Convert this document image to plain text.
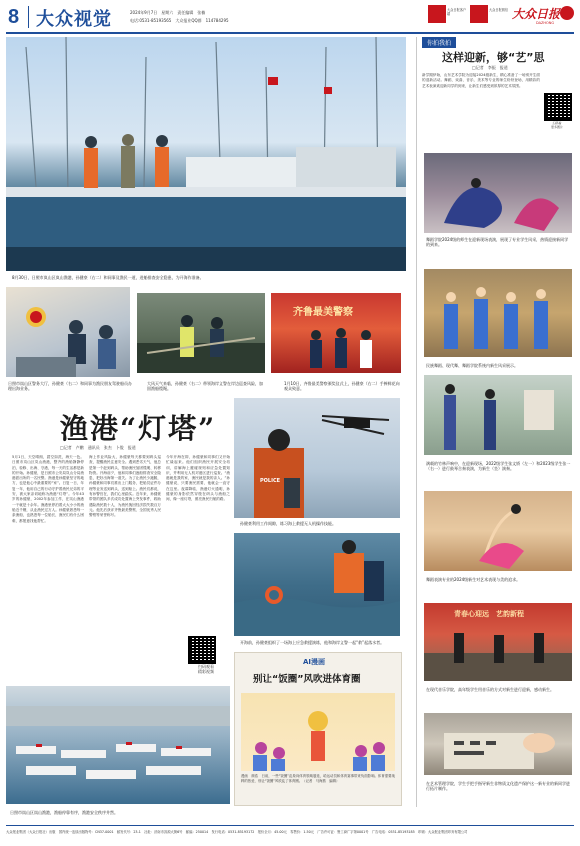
8 大众视觉	2024年9月7日　星期六　责任编辑　张楠
电话:0531-85193565　大众报业QQ群　114784295
大众日报客户端
大众日报微信 大众日报
DAZHONG
8月30日，日照市岚山区岚山渔港，孙健豪（右二）和同事及渔民一道，进船排查安全隐患，为开海作准备。
日照市岚山区警务大厅，孙健豪（右二）和同事为渔民朋友驾驶船员办理出海业务。
大风天气来临，孙健豪（右二）带领海岸义警在岸边巡查风险，加固渔船缆绳。
齐鲁最美警察
1月10日，齐鲁最美警察颁奖仪式上，孙健豪（右二）手捧鲜花向观众致意。
渔港“灯塔”
□记者　卢鹏　通讯员　张杰　卜俊　报道
5月1日，天空晴朗，碧空如洗，海天一色。日照市岚山区岚山渔港，整齐的渔船静静停泊，检修、出海、守港，每一天的生活都是新的开始。孙健豪，是日照市公安局岚山分局渔港派出所的一名民警。渔港是孙健豪坚守的地方，也是他心中最重要的“家”。日复一日，年复一年，他用自己的行动守护着渔民兄弟的平安，被大家亲切地称为渔港“灯塔”。今年43岁的孙健豪，2002年参加工作，在岚山渔港一干就是十余年。渔港里停泊着大大小小的渔船近千艘，从业渔民过万人。孙健豪熟悉每一条渔船，也熟悉每一位船长，渔民们有什么困难，都愿意找他帮忙。
海上作业风险大，孙健豪每天都要到码头巡查，提醒渔民注意安全。遇到恶劣天气，他总是第一个赶到码头，帮助渔民加固缆绳、转移物资。开海前夕，他和同事们逐船排查安全隐患，把好出海第一道关。为了让渔民少跑腿，孙健豪和同事们推出上门服务，把船员证件办理等业务送到码头，送到船上。渔民们都说，有孙警官在，我们心里踏实。近年来，孙健豪带领的团队多次成功处置海上突发事件，救助遇险渔民数十人，为渔民挽回经济损失数百万元。他先后获评齐鲁最美警察、全国优秀人民警察等荣誉称号。
今年开海在即，孙健豪和同事们又开始忙碌起来。他们组织渔民开展安全培训，讲解海上避碰规则和应急处置知识，并利用无人机对港区进行巡查。“渔港就是我的家，渔民就是我的亲人。”孙健豪说，只要渔民需要，他就会一直守在这里。夜幕降临，渔港灯火通明，孙健豪的身影依然穿梭在码头与渔船之间，像一座灯塔，照亮渔民归航的路。
扫码观看
精彩视频
日照市岚山区岚山渔港，渔船停靠有序，渔港安全秩序井然。
POLICE
孙健豪利用工作间隙，练习海上救援无人机操作技能。
开海前，孙健豪组织了一场海上应急救援演练，他和海岸义警一起“救”起落水者。
AI漫画
别让“饭圈”风吹进体育圈
漫画　颜浩　日前，一些“饭圈”乱象向体育领域蔓延，给运动员和体育赛事带来负面影响。体育需要纯粹的热爱，别让“饭圈”风吹乱了体育圈。（记者　马海燕　编辑）
你拍我拍
这样迎新，够“艺”思
□记者　李振　报道
新学期伊始，山东艺术学院为迎接2024级新生，精心准备了一场别开生面的迎新活动。舞蹈、戏曲、音乐、美术等专业的师生纷纷登场，用精彩的艺术表演欢迎新同学的到来，让新生们感受到浓厚的艺术氛围。
扫码看
更多图片
舞蹈学院2024级的师生在迎新现场表演，展现了专业学生风采，热情迎接新同学的到来。
民族舞蹈、现代舞、舞蹈学院系统内新生风采展示。
满载的竹林声响中，在迎新现场，2022级学生张文娇（左一）和2023级学生张一（右一）进行鼓琴合奏表演，为新生（坐）演奏。
舞蹈表演专业的2024级新生对艺术表现与美的追求。
青春心迎远　艺韵新程
在现代音乐学院，高年级学生用音乐的方式对新生进行迎新，感动新生。
在艺术管理学院，学生手把手指导新生非物质文化遗产保护这一新专业的新同学进行拓片制作。
大众报业集团（大众日报社）出版　国内统一连续出版物号：CN37-0001　邮发代号：23-1　社址：济南市泺源大街6号　邮编：250014　发行电话：0531-85193172　报价全月：45.00元　零售价：1.50元　广告许可证：鲁工商广字第0001号　广告电话：0531-85193185　印刷：大众报业集团印务有限公司
